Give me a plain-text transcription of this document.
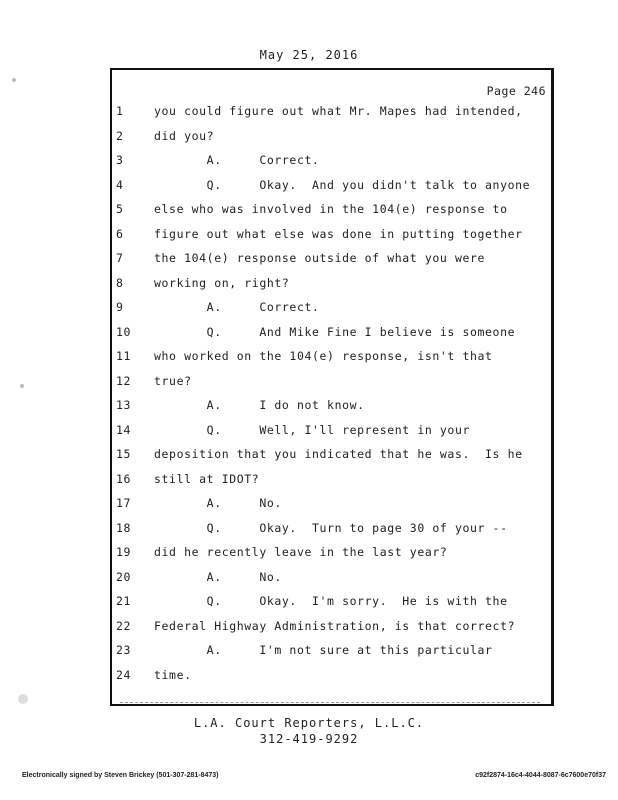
May 25, 2016
Page 246
1	you could figure out what Mr. Mapes had intended,
2	did you?
3	A.     Correct.
4	Q.     Okay.  And you didn't talk to anyone
5	else who was involved in the 104(e) response to
6	figure out what else was done in putting together
7	the 104(e) response outside of what you were
8	working on, right?
9	A.     Correct.
10	Q.     And Mike Fine I believe is someone
11	who worked on the 104(e) response, isn't that
12	true?
13	A.     I do not know.
14	Q.     Well, I'll represent in your
15	deposition that you indicated that he was.  Is he
16	still at IDOT?
17	A.     No.
18	Q.     Okay.  Turn to page 30 of your --
19	did he recently leave in the last year?
20	A.     No.
21	Q.     Okay.  I'm sorry.  He is with the
22	Federal Highway Administration, is that correct?
23	A.     I'm not sure at this particular
24	time.
L.A. Court Reporters, L.L.C.
312-419-9292
Electronically signed by Steven Brickey (501-307-281-8473)	c92f2874-16c4-4044-8087-6c7600e70f37
